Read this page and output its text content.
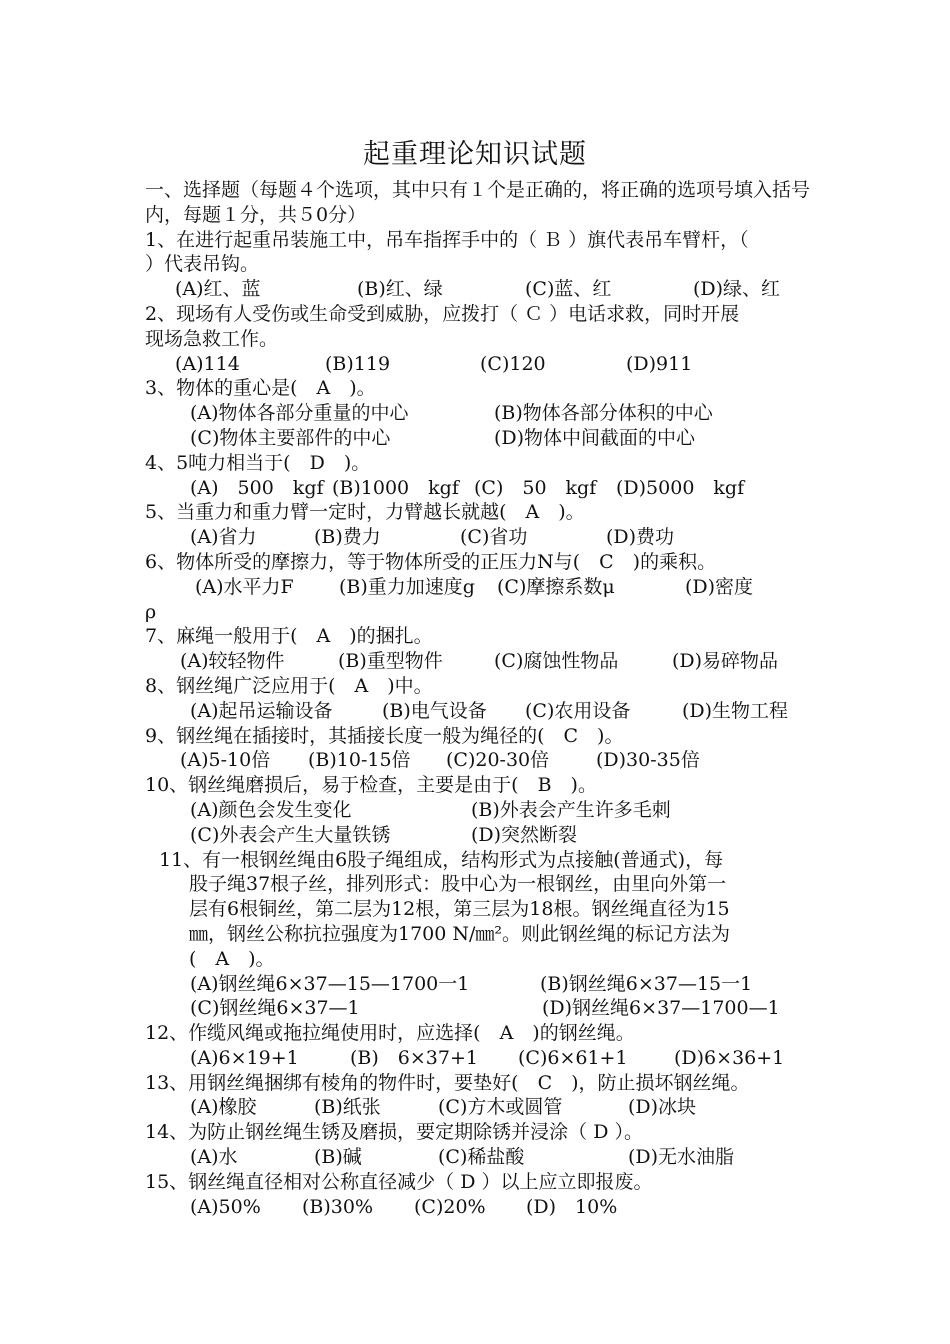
起重理论知识试题
一、选择题（每题４个选项，其中只有１个是正确的，将正确的选项号填入括号内，每题１分，共５0分）
1、在进行起重吊装施工中，吊车指挥手中的（ Ｂ ）旗代表吊车臂杆，（
）代表吊钩。
(A)红、蓝	(B)红、绿	(C)蓝、红	(D)绿、红
2、现场有人受伤或生命受到威胁，应拨打（ Ｃ ）电话求救，同时开展
现场急救工作。
(A)114	(B)119	(C)120	(D)911
3、物体的重心是(　A　)。
(A)物体各部分重量的中心	(B)物体各部分体积的中心
(C)物体主要部件的中心	(D)物体中间截面的中心
4、5吨力相当于(　D　)。
(A)　500　kgf (B)1000　kgf (C)　50　kgf (D)5000　kgf
5、当重力和重力臂一定时，力臂越长就越(　A　)。
(A)省力	(B)费力	(C)省功	(D)费功
6、物体所受的摩擦力，等于物体所受的正压力N与(　C　)的乘积。
(A)水平力F (B)重力加速度g (C)摩擦系数μ	(D)密度
ρ
7、麻绳一般用于(　A　)的捆扎。
(A)较轻物件	(B)重型物件	(C)腐蚀性物品	(D)易碎物品
8、钢丝绳广泛应用于(　A　)中。
(A)起吊运输设备	(B)电气设备 (C)农用设备	(D)生物工程
9、钢丝绳在插接时，其插接长度一般为绳径的(　C　)。
(A)5-10倍 (B)10-15倍 (C)20-30倍 (D)30-35倍
10、钢丝绳磨损后，易于检查，主要是由于(　B　)。
(A)颜色会发生变化	(B)外表会产生许多毛刺
(C)外表会产生大量铁锈	(D)突然断裂
11、有一根钢丝绳由6股子绳组成，结构形式为点接触(普通式)，每
股子绳37根子丝，排列形式：股中心为一根钢丝，由里向外第一
层有6根铜丝，第二层为12根，第三层为18根。钢丝绳直径为15
㎜，钢丝公称抗拉强度为1700 N/㎜²。则此钢丝绳的标记方法为
(　A　)。
(A)钢丝绳6×37—15—1700一1	(B)钢丝绳6×37—15一1
(C)钢丝绳6×37—1	(D)钢丝绳6×37—1700—1
12、作缆风绳或拖拉绳使用时，应选择(　A　)的钢丝绳。
(A)6×19+1	(B)　6×37+1 (C)6×61+1 (D)6×36+1
13、用钢丝绳捆绑有棱角的物件时，要垫好(　C　)，防止损坏钢丝绳。
(A)橡胶	(B)纸张	(C)方木或圆管	(D)冰块
14、为防止钢丝绳生锈及磨损，要定期除锈并浸涂（ D ）。
(A)水	(B)碱	(C)稀盐酸	(D)无水油脂
15、钢丝绳直径相对公称直径减少（ D ）以上应立即报废。
(A)50% (B)30% (C)20% (D)　10%
